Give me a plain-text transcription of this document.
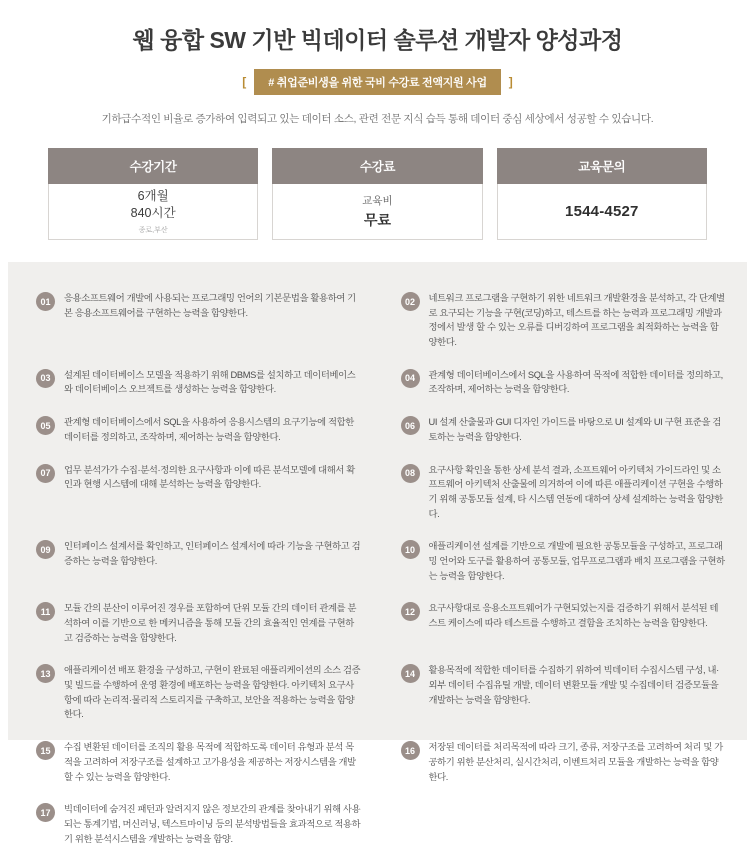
웹 융합 SW 기반 빅데이터 솔루션 개발자 양성과정
[	# 취업준비생을 위한 국비 수강료 전액지원 사업	]

기하급수적인 비율로 증가하여 입력되고 있는 데이터 소스, 관련 전문 지식 습득 통해 데이터 중심 세상에서 성공할 수 있습니다.

수강기간
6개월
840시간
종로,부산
수강료
교육비
무료
교육문의
1544-4527
01	응용소프트웨어 개발에 사용되는 프로그래밍 언어의 기본문법을 활용하여 기본 응용소프트웨어를 구현하는 능력을 함양한다.
02	네트워크 프로그램을 구현하기 위한 네트워크 개발환경을 분석하고, 각 단계별로 요구되는 기능을 구현(코딩)하고, 테스트를 하는 능력과 프로그래밍 개발과정에서 발생 할 수 있는 오류를 디버깅하여 프로그램을 최적화하는 능력을 함양한다.
03	설계된 데이터베이스 모델을 적용하기 위해 DBMS를 설치하고 데이터베이스와 데이터베이스 오브젝트를 생성하는 능력을 함양한다.
04	관계형 데이터베이스에서 SQL을 사용하여 목적에 적합한 데이터를 정의하고, 조작하며, 제어하는 능력을 함양한다.
05	관계형 데이터베이스에서 SQL을 사용하여 응용시스템의 요구기능에 적합한 데이터를 정의하고, 조작하며, 제어하는 능력을 함양한다.
06	UI 설계 산출물과 GUI 디자인 가이드를 바탕으로 UI 설계와 UI 구현 표준을 검토하는 능력을 함양한다.
07	업무 분석가가 수집·분석·정의한 요구사항과 이에 따른 분석모델에 대해서 확인과 현행 시스템에 대해 분석하는 능력을 함양한다.
08	요구사항 확인을 통한 상세 분석 결과, 소프트웨어 아키텍처 가이드라인 및 소프트웨어 아키텍처 산출물에 의거하여 이에 따른 애플리케이션 구현을 수행하기 위해 공통모듈 설계, 타 시스템 연동에 대하여 상세 설계하는 능력을 함양한다.
09	인터페이스 설계서를 확인하고, 인터페이스 설계서에 따라 기능을 구현하고 검증하는 능력을 함양한다.
10	애플리케이션 설계를 기반으로 개발에 필요한 공통모듈을 구성하고, 프로그래밍 언어와 도구를 활용하여 공통모듈, 업무프로그램과 배치 프로그램을 구현하는 능력을 함양한다.
11	모듈 간의 분산이 이루어진 경우를 포함하여 단위 모듈 간의 데이터 관계를 분석하여 이를 기반으로 한 메커니즘을 통해 모듈 간의 효율적인 연계를 구현하고 검증하는 능력을 함양한다.
12	요구사항대로 응용소프트웨어가 구현되었는지를 검증하기 위해서 분석된 테스트 케이스에 따라 테스트를 수행하고 결함을 조치하는 능력을 함양한다.
13	애플리케이션 배포 환경을 구성하고, 구현이 완료된 애플리케이션의 소스 검증 및 빌드를 수행하여 운영 환경에 배포하는 능력을 함양한다. 아키텍처 요구사항에 따라 논리적·물리적 스토리지를 구축하고, 보안을 적용하는 능력을 함양한다.
14	활용목적에 적합한 데이터를 수집하기 위하여 빅데이터 수집시스템 구성, 내·외부 데이터 수집유틸 개발, 데이터 변환모듈 개발 및 수집데이터 검증모듈을 개발하는 능력을 함양한다.
15	수집 변환된 데이터를 조직의 활용 목적에 적합하도록 데이터 유형과 분석 목적을 고려하여 저장구조를 설계하고 고가용성을 제공하는 저장시스템을 개발할 수 있는 능력을 함양한다.
16	저장된 데이터를 처리목적에 따라 크기, 종류, 저장구조를 고려하여 처리 및 가공하기 위한 분산처리, 실시간처리, 이벤트처리 모듈을 개발하는 능력을 함양한다.
17	빅데이터에 숨겨진 패턴과 알려지지 않은 정보간의 관계를 찾아내기 위해 사용되는 통계기법, 머신러닝, 텍스트마이닝 등의 분석방법들을 효과적으로 적용하기 위한 분석시스템을 개발하는 능력을 함양.
